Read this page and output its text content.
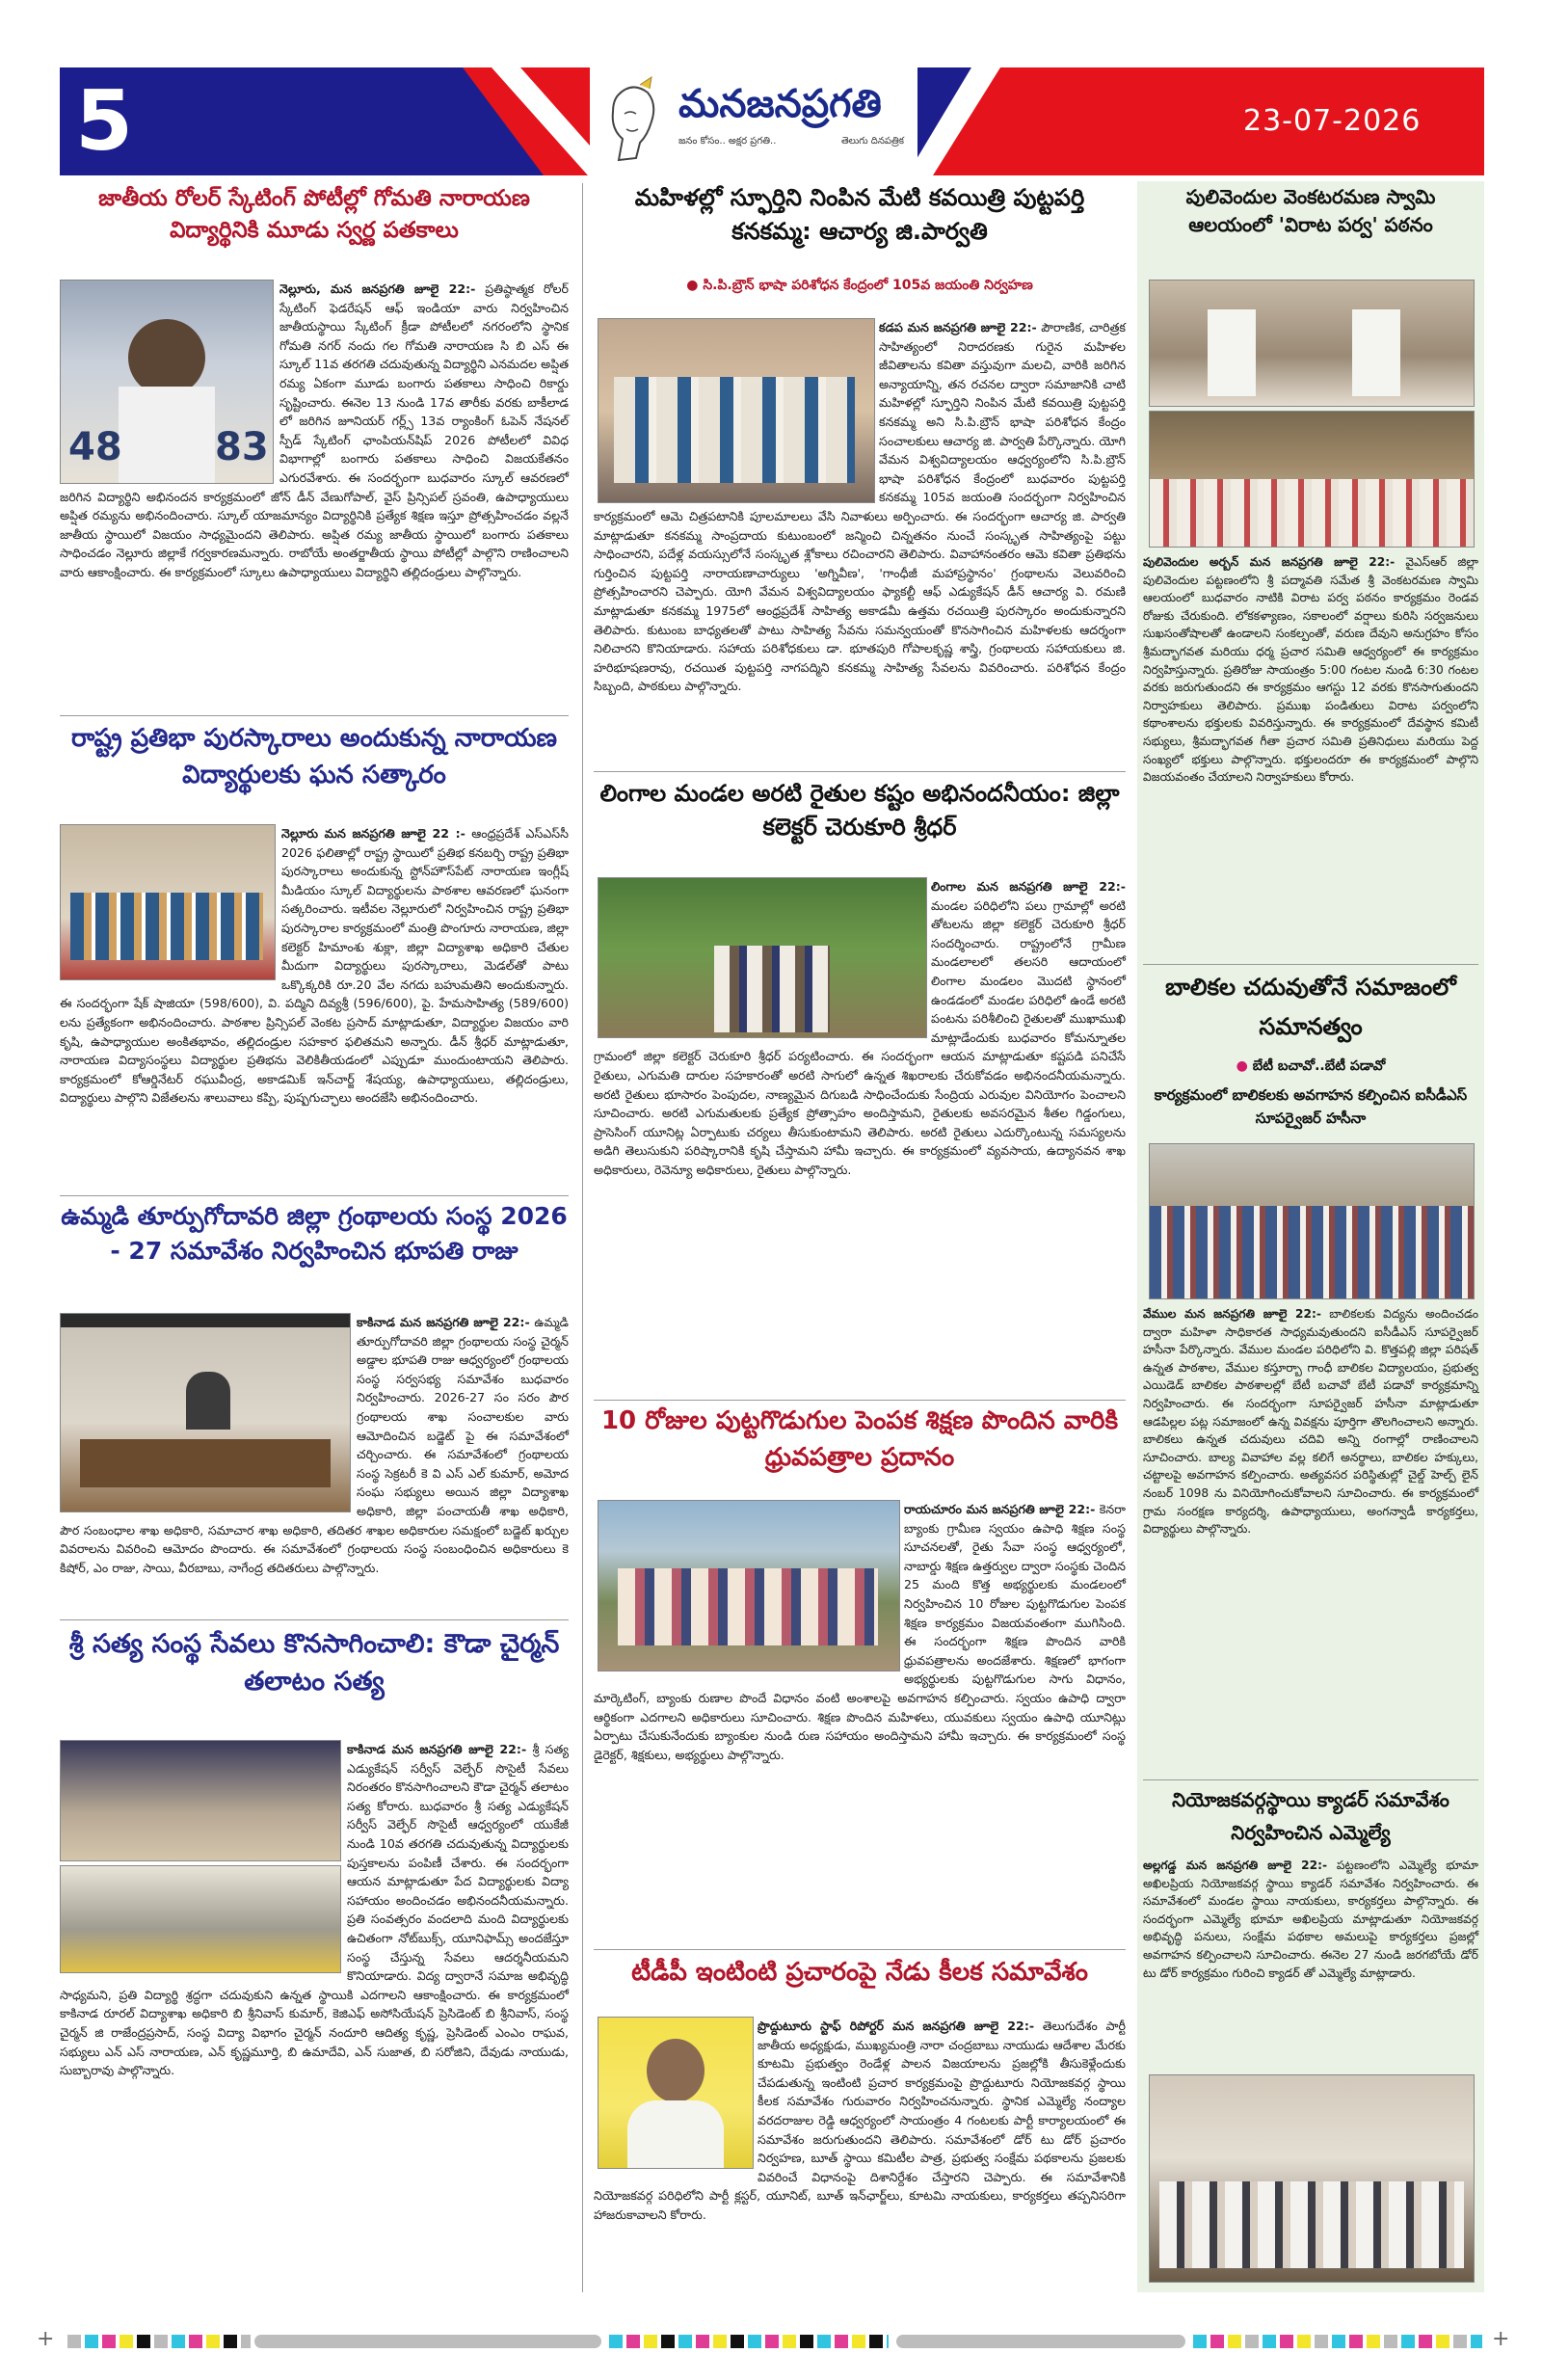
5	మనజనప్రగతి
జనం కోసం.. అక్షర ప్రగతి..	తెలుగు దినపత్రిక
23-07-2026
జాతీయ రోలర్ స్కేటింగ్ పోటీల్లో గోమతి నారాయణ విద్యార్థినికి మూడు స్వర్ణ పతకాలు
48 83
నెల్లూరు, మన జనప్రగతి జూలై 22:- ప్రతిష్ఠాత్మక రోలర్ స్కేటింగ్ ఫెడరేషన్ ఆఫ్ ఇండియా వారు నిర్వహించిన జాతీయస్థాయి స్కేటింగ్ క్రీడా పోటీలలో నగరంలోని స్థానిక గోమతి నగర్ నందు గల గోమతి నారాయణ సి బి ఎస్ ఈ స్కూల్ 11వ తరగతి చదువుతున్న విద్యార్థిని ఎనమదల అప్షిత రమ్య ఏకంగా మూడు బంగారు పతకాలు సాధించి రికార్డు సృష్టించారు. ఈనెల 13 నుండి 17వ తారీకు వరకు బాకీలాడ లో జరిగిన జూనియర్ గర్ల్స్ 13వ ర్యాంకింగ్ ఓపెన్ నేషనల్ స్పీడ్ స్కేటింగ్ ఛాంపియన్‌షిప్ 2026 పోటీలలో వివిధ విభాగాల్లో బంగారు పతకాలు సాధించి విజయకేతనం ఎగురవేశారు. ఈ సందర్భంగా బుధవారం స్కూల్ ఆవరణలో జరిగిన విద్యార్థిని అభినందన కార్యక్రమంలో జోన్ డీన్ వేణుగోపాల్, వైస్ ప్రిన్సిపల్ స్రవంతి, ఉపాధ్యాయులు అప్షిత రమ్యను అభినందించారు. స్కూల్ యాజమాన్యం విద్యార్థినికి ప్రత్యేక శిక్షణ ఇస్తూ ప్రోత్సహించడం వల్లనే జాతీయ స్థాయిలో విజయం సాధ్యమైందని తెలిపారు. అప్షిత రమ్య జాతీయ స్థాయిలో బంగారు పతకాలు సాధించడం నెల్లూరు జిల్లాకే గర్వకారణమన్నారు. రాబోయే అంతర్జాతీయ స్థాయి పోటీల్లో పాల్గొని రాణించాలని వారు ఆకాంక్షించారు. ఈ కార్యక్రమంలో స్కూలు ఉపాధ్యాయులు విద్యార్థిని తల్లిదండ్రులు పాల్గొన్నారు.
రాష్ట్ర ప్రతిభా పురస్కారాలు అందుకున్న నారాయణ విద్యార్థులకు ఘన సత్కారం
నెల్లూరు మన జనప్రగతి జూలై 22 :- ఆంధ్రప్రదేశ్ ఎస్ఎస్‌సీ 2026 ఫలితాల్లో రాష్ట్ర స్థాయిలో ప్రతిభ కనబర్చి రాష్ట్ర ప్రతిభా పురస్కారాలు అందుకున్న స్టోన్‌హౌస్‌పేట్ నారాయణ ఇంగ్లీష్ మీడియం స్కూల్ విద్యార్థులను పాఠశాల ఆవరణలో ఘనంగా సత్కరించారు. ఇటీవల నెల్లూరులో నిర్వహించిన రాష్ట్ర ప్రతిభా పురస్కారాల కార్యక్రమంలో మంత్రి పొంగూరు నారాయణ, జిల్లా కలెక్టర్ హిమాంశు శుక్లా, జిల్లా విద్యాశాఖ అధికారి చేతుల మీదుగా విద్యార్థులు పురస్కారాలు, మెడల్‌తో పాటు ఒక్కొక్కరికి రూ.20 వేల నగదు బహుమతిని అందుకున్నారు. ఈ సందర్భంగా షేక్ షాజియా (598/600), వి. పద్మిని దివ్యశ్రీ (596/600), పై. హేమసాహిత్య (589/600) లను ప్రత్యేకంగా అభినందించారు. పాఠశాల ప్రిన్సిపల్ వెంకట ప్రసాద్ మాట్లాడుతూ, విద్యార్థుల విజయం వారి కృషి, ఉపాధ్యాయుల అంకితభావం, తల్లిదండ్రుల సహకార ఫలితమని అన్నారు. డీన్ శ్రీధర్ మాట్లాడుతూ, నారాయణ విద్యాసంస్థలు విద్యార్థుల ప్రతిభను వెలికితీయడంలో ఎప్పుడూ ముందుంటాయని తెలిపారు. కార్యక్రమంలో కోఆర్డినేటర్ రఘువీంద్ర, అకాడమిక్ ఇన్‌చార్జ్ శేషయ్య, ఉపాధ్యాయులు, తల్లిదండ్రులు, విద్యార్థులు పాల్గొని విజేతలను శాలువాలు కప్పి, పుష్పగుచ్ఛాలు అందజేసి అభినందించారు.
ఉమ్మడి తూర్పుగోదావరి జిల్లా గ్రంథాలయ సంస్థ 2026 - 27 సమావేశం నిర్వహించిన భూపతి రాజు
కాకినాడ మన జనప్రగతి జూలై 22:- ఉమ్మడి తూర్పుగోదావరి జిల్లా గ్రంథాలయ సంస్థ చైర్మన్ అడ్డాల భూపతి రాజు ఆధ్వర్యంలో గ్రంథాలయ సంస్థ సర్వసభ్య సమావేశం బుధవారం నిర్వహించారు. 2026-27 సం సరం పౌర గ్రంథాలయ శాఖ సంచాలకుల వారు ఆమోదించిన బడ్జెట్ పై ఈ సమావేశంలో చర్చించారు. ఈ సమావేశంలో గ్రంథాలయ సంస్థ సెక్రటరీ కె వి ఎస్ ఎల్ కుమార్, అమోద సంఘ సభ్యులు అయిన జిల్లా విద్యాశాఖ అధికారి, జిల్లా పంచాయతీ శాఖ అధికారి, పౌర సంబంధాల శాఖ అధికారి, సమాచార శాఖ అధికారి, తదితర శాఖల అధికారుల సమక్షంలో బడ్జెట్ ఖర్చుల వివరాలను వివరించి ఆమోదం పొందారు. ఈ సమావేశంలో గ్రంథాలయ సంస్థ సంబంధించిన అధికారులు కె కిషోర్, ఎం రాజు, సాయి, వీరబాబు, నాగేంద్ర తదితరులు పాల్గొన్నారు.
శ్రీ సత్య సంస్థ సేవలు కొనసాగించాలి: కౌడా చైర్మన్ తలాటం సత్య
కాకినాడ మన జనప్రగతి జూలై 22:- శ్రీ సత్య ఎడ్యుకేషన్ సర్వీస్ వెల్ఫేర్ సొసైటీ సేవలు నిరంతరం కొనసాగించాలని కౌడా చైర్మన్ తలాటం సత్య కోరారు. బుధవారం శ్రీ సత్య ఎడ్యుకేషన్ సర్వీస్ వెల్ఫేర్ సొసైటీ ఆధ్వర్యంలో యుకేజీ నుండి 10వ తరగతి చదువుతున్న విద్యార్థులకు పుస్తకాలను పంపిణీ చేశారు. ఈ సందర్భంగా ఆయన మాట్లాడుతూ పేద విద్యార్థులకు విద్యా సహాయం అందించడం అభినందనీయమన్నారు. ప్రతి సంవత్సరం వందలాది మంది విద్యార్థులకు ఉచితంగా నోట్‌బుక్స్, యూనిఫామ్స్ అందజేస్తూ సంస్థ చేస్తున్న సేవలు ఆదర్శనీయమని కొనియాడారు. విద్య ద్వారానే సమాజ అభివృద్ధి సాధ్యమని, ప్రతి విద్యార్థి శ్రద్ధగా చదువుకుని ఉన్నత స్థాయికి ఎదగాలని ఆకాంక్షించారు. ఈ కార్యక్రమంలో కాకినాడ రూరల్ విద్యాశాఖ అధికారి బి శ్రీనివాస్ కుమార్, కెజిఎఫ్ అసోసియేషన్ ప్రెసిడెంట్ బి శ్రీనివాస్, సంస్థ చైర్మన్ జి రాజేంద్రప్రసాద్, సంస్థ విద్యా విభాగం చైర్మన్ నందూరి ఆదిత్య కృష్ణ, ప్రెసిడెంట్ ఎంఎం రాఘవ, సభ్యులు ఎన్ ఎస్ నారాయణ, ఎన్ కృష్ణమూర్తి, బి ఉమాదేవి, ఎన్ సుజాత, బి సరోజిని, దేవుడు నాయుడు, సుబ్బారావు పాల్గొన్నారు.
మహిళల్లో స్ఫూర్తిని నింపిన మేటి కవయిత్రి పుట్టపర్తి కనకమ్మ: ఆచార్య జి.పార్వతి
● సి.పి.బ్రౌన్ భాషా పరిశోధన కేంద్రంలో 105వ జయంతి నిర్వహణ
కడప మన జనప్రగతి జూలై 22:- పౌరాణిక, చారిత్రక సాహిత్యంలో నిరాదరణకు గురైన మహిళల జీవితాలను కవితా వస్తువుగా మలచి, వారికి జరిగిన అన్యాయాన్ని, తన రచనల ద్వారా సమాజానికి చాటి మహిళల్లో స్ఫూర్తిని నింపిన మేటి కవయిత్రి పుట్టపర్తి కనకమ్మ అని సి.పి.బ్రౌన్ భాషా పరిశోధన కేంద్రం సంచాలకులు ఆచార్య జి. పార్వతి పేర్కొన్నారు. యోగి వేమన విశ్వవిద్యాలయం ఆధ్వర్యంలోని సి.పి.బ్రౌన్ భాషా పరిశోధన కేంద్రంలో బుధవారం పుట్టపర్తి కనకమ్మ 105వ జయంతి సందర్భంగా నిర్వహించిన కార్యక్రమంలో ఆమె చిత్రపటానికి పూలమాలలు వేసి నివాళులు అర్పించారు. ఈ సందర్భంగా ఆచార్య జి. పార్వతి మాట్లాడుతూ కనకమ్మ సాంప్రదాయ కుటుంబంలో జన్మించి చిన్నతనం నుంచే సంస్కృత సాహిత్యంపై పట్టు సాధించారని, పదేళ్ల వయస్సులోనే సంస్కృత శ్లోకాలు రచించారని తెలిపారు. వివాహానంతరం ఆమె కవితా ప్రతిభను గుర్తించిన పుట్టపర్తి నారాయణాచార్యులు 'అగ్నివీణ', 'గాంధీజీ మహాప్రస్థానం' గ్రంథాలను వెలువరించి ప్రోత్సహించారని చెప్పారు. యోగి వేమన విశ్వవిద్యాలయం ఫ్యాకల్టీ ఆఫ్ ఎడ్యుకేషన్ డీన్ ఆచార్య వి. రమణి మాట్లాడుతూ కనకమ్మ 1975లో ఆంధ్రప్రదేశ్ సాహిత్య అకాడమీ ఉత్తమ రచయిత్రి పురస్కారం అందుకున్నారని తెలిపారు. కుటుంబ బాధ్యతలతో పాటు సాహిత్య సేవను సమన్వయంతో కొనసాగించిన మహిళలకు ఆదర్శంగా నిలిచారని కొనియాడారు. సహాయ పరిశోధకులు డా. భూతపురి గోపాలకృష్ణ శాస్త్రి, గ్రంథాలయ సహాయకులు జి. హరిభూషణరావు, రచయిత పుట్టపర్తి నాగపద్మిని కనకమ్మ సాహిత్య సేవలను వివరించారు. పరిశోధన కేంద్రం సిబ్బంది, పాఠకులు పాల్గొన్నారు.
లింగాల మండల అరటి రైతుల కష్టం అభినందనీయం: జిల్లా కలెక్టర్ చెరుకూరి శ్రీధర్
లింగాల మన జనప్రగతి జూలై 22:- మండల పరిధిలోని పలు గ్రామాల్లో అరటి తోటలను జిల్లా కలెక్టర్ చెరుకూరి శ్రీధర్ సందర్శించారు. రాష్ట్రంలోనే గ్రామీణ మండలాలలో తలసరి ఆదాయంలో లింగాల మండలం మొదటి స్థానంలో ఉండడంలో మండల పరిధిలో ఉండే అరటి పంటను పరిశీలించి రైతులతో ముఖాముఖి మాట్లాడేందుకు బుధవారం కోమన్నూతల గ్రామంలో జిల్లా కలెక్టర్ చెరుకూరి శ్రీధర్ పర్యటించారు. ఈ సందర్భంగా ఆయన మాట్లాడుతూ కష్టపడి పనిచేసే రైతులు, ఎగుమతి దారుల సహకారంతో అరటి సాగులో ఉన్నత శిఖరాలకు చేరుకోవడం అభినందనీయమన్నారు. అరటి రైతులు భూసారం పెంపుదల, నాణ్యమైన దిగుబడి సాధించేందుకు సేంద్రియ ఎరువుల వినియోగం పెంచాలని సూచించారు. అరటి ఎగుమతులకు ప్రత్యేక ప్రోత్సాహం అందిస్తామని, రైతులకు అవసరమైన శీతల గిడ్డంగులు, ప్రాసెసింగ్ యూనిట్ల ఏర్పాటుకు చర్యలు తీసుకుంటామని తెలిపారు. అరటి రైతులు ఎదుర్కొంటున్న సమస్యలను అడిగి తెలుసుకుని పరిష్కారానికి కృషి చేస్తామని హామీ ఇచ్చారు. ఈ కార్యక్రమంలో వ్యవసాయ, ఉద్యానవన శాఖ అధికారులు, రెవెన్యూ అధికారులు, రైతులు పాల్గొన్నారు.
10 రోజుల పుట్టగొడుగుల పెంపక శిక్షణ పొందిన వారికి ధ్రువపత్రాల ప్రదానం
రాయచూరం మన జనప్రగతి జూలై 22:- కెనరా బ్యాంకు గ్రామీణ స్వయం ఉపాధి శిక్షణ సంస్థ సూచనలతో, రైతు సేవా సంస్థ ఆధ్వర్యంలో, నాబార్డు శిక్షణ ఉత్తర్వుల ద్వారా సంస్థకు చెందిన 25 మంది కొత్త అభ్యర్థులకు మండలంలో నిర్వహించిన 10 రోజుల పుట్టగొడుగుల పెంపక శిక్షణ కార్యక్రమం విజయవంతంగా ముగిసింది. ఈ సందర్భంగా శిక్షణ పొందిన వారికి ధ్రువపత్రాలను అందజేశారు. శిక్షణలో భాగంగా అభ్యర్థులకు పుట్టగొడుగుల సాగు విధానం, మార్కెటింగ్, బ్యాంకు రుణాల పొందే విధానం వంటి అంశాలపై అవగాహన కల్పించారు. స్వయం ఉపాధి ద్వారా ఆర్థికంగా ఎదగాలని అధికారులు సూచించారు. శిక్షణ పొందిన మహిళలు, యువకులు స్వయం ఉపాధి యూనిట్లు ఏర్పాటు చేసుకునేందుకు బ్యాంకుల నుండి రుణ సహాయం అందిస్తామని హామీ ఇచ్చారు. ఈ కార్యక్రమంలో సంస్థ డైరెక్టర్, శిక్షకులు, అభ్యర్థులు పాల్గొన్నారు.
టీడీపీ ఇంటింటి ప్రచారంపై నేడు కీలక సమావేశం
ప్రొద్దుటూరు స్టాఫ్ రిపోర్టర్ మన జనప్రగతి జూలై 22:- తెలుగుదేశం పార్టీ జాతీయ అధ్యక్షుడు, ముఖ్యమంత్రి నారా చంద్రబాబు నాయుడు ఆదేశాల మేరకు కూటమి ప్రభుత్వం రెండేళ్ల పాలన విజయాలను ప్రజల్లోకి తీసుకెళ్లేందుకు చేపడుతున్న ఇంటింటి ప్రచార కార్యక్రమంపై ప్రొద్దుటూరు నియోజకవర్గ స్థాయి కీలక సమావేశం గురువారం నిర్వహించనున్నారు. స్థానిక ఎమ్మెల్యే నంద్యాల వరదరాజుల రెడ్డి ఆధ్వర్యంలో సాయంత్రం 4 గంటలకు పార్టీ కార్యాలయంలో ఈ సమావేశం జరుగుతుందని తెలిపారు. సమావేశంలో డోర్ టు డోర్ ప్రచారం నిర్వహణ, బూత్ స్థాయి కమిటీల పాత్ర, ప్రభుత్వ సంక్షేమ పథకాలను ప్రజలకు వివరించే విధానంపై దిశానిర్దేశం చేస్తారని చెప్పారు. ఈ సమావేశానికి నియోజకవర్గ పరిధిలోని పార్టీ క్లస్టర్, యూనిట్, బూత్ ఇన్‌ఛార్జ్‌లు, కూటమి నాయకులు, కార్యకర్తలు తప్పనిసరిగా హాజరుకావాలని కోరారు.
పులివెందుల వెంకటరమణ స్వామి ఆలయంలో 'విరాట పర్వ' పఠనం
పులివెందుల అర్బన్ మన జనప్రగతి జూలై 22:- వైఎస్ఆర్ జిల్లా పులివెందుల పట్టణంలోని శ్రీ పద్మావతి సమేత శ్రీ వెంకటరమణ స్వామి ఆలయంలో బుధవారం నాటికి విరాట పర్వ పఠనం కార్యక్రమం రెండవ రోజుకు చేరుకుంది. లోకకళ్యాణం, సకాలంలో వర్షాలు కురిసి సర్వజనులు సుఖసంతోషాలతో ఉండాలని సంకల్పంతో, వరుణ దేవుని అనుగ్రహం కోసం శ్రీమద్భాగవత మరియు ధర్మ ప్రచార సమితి ఆధ్వర్యంలో ఈ కార్యక్రమం నిర్వహిస్తున్నారు. ప్రతిరోజు సాయంత్రం 5:00 గంటల నుండి 6:30 గంటల వరకు జరుగుతుందని ఈ కార్యక్రమం ఆగస్టు 12 వరకు కొనసాగుతుందని నిర్వాహకులు తెలిపారు. ప్రముఖ పండితులు విరాట పర్వంలోని కథాంశాలను భక్తులకు వివరిస్తున్నారు. ఈ కార్యక్రమంలో దేవస్థాన కమిటీ సభ్యులు, శ్రీమద్భాగవత గీతా ప్రచార సమితి ప్రతినిధులు మరియు పెద్ద సంఖ్యలో భక్తులు పాల్గొన్నారు. భక్తులందరూ ఈ కార్యక్రమంలో పాల్గొని విజయవంతం చేయాలని నిర్వాహకులు కోరారు.
బాలికల చదువుతోనే సమాజంలో సమానత్వం
● బేటీ బచావో..బేటీ పడావో
కార్యక్రమంలో బాలికలకు అవగాహన కల్పించిన ఐసీడీఎస్ సూపర్వైజర్ హసీనా
వేముల మన జనప్రగతి జూలై 22:- బాలికలకు విద్యను అందించడం ద్వారా మహిళా సాధికారత సాధ్యమవుతుందని ఐసీడీఎస్ సూపర్వైజర్ హసీనా పేర్కొన్నారు. వేముల మండల పరిధిలోని వి. కొత్తపల్లి జిల్లా పరిషత్ ఉన్నత పాఠశాల, వేముల కస్తూర్బా గాంధీ బాలికల విద్యాలయం, ప్రభుత్వ ఎయిడెడ్ బాలికల పాఠశాలల్లో బేటీ బచావో బేటీ పడావో కార్యక్రమాన్ని నిర్వహించారు. ఈ సందర్భంగా సూపర్వైజర్ హసీనా మాట్లాడుతూ ఆడపిల్లల పట్ల సమాజంలో ఉన్న వివక్షను పూర్తిగా తొలగించాలని అన్నారు. బాలికలు ఉన్నత చదువులు చదివి అన్ని రంగాల్లో రాణించాలని సూచించారు. బాల్య వివాహాల వల్ల కలిగే అనర్థాలు, బాలికల హక్కులు, చట్టాలపై అవగాహన కల్పించారు. అత్యవసర పరిస్థితుల్లో చైల్డ్ హెల్ప్ లైన్ నంబర్ 1098 ను వినియోగించుకోవాలని సూచించారు. ఈ కార్యక్రమంలో గ్రామ సంరక్షణ కార్యదర్శి, ఉపాధ్యాయులు, అంగన్వాడీ కార్యకర్తలు, విద్యార్థులు పాల్గొన్నారు.
నియోజకవర్గస్థాయి క్యాడర్ సమావేశం నిర్వహించిన ఎమ్మెల్యే
అల్లగడ్డ మన జనప్రగతి జూలై 22:- పట్టణంలోని ఎమ్మెల్యే భూమా అఖిలప్రియ నియోజకవర్గ స్థాయి క్యాడర్ సమావేశం నిర్వహించారు. ఈ సమావేశంలో మండల స్థాయి నాయకులు, కార్యకర్తలు పాల్గొన్నారు. ఈ సందర్భంగా ఎమ్మెల్యే భూమా అఖిలప్రియ మాట్లాడుతూ నియోజకవర్గ అభివృద్ధి పనులు, సంక్షేమ పథకాల అమలుపై కార్యకర్తలు ప్రజల్లో అవగాహన కల్పించాలని సూచించారు. ఈనెల 27 నుండి జరగబోయే డోర్ టు డోర్ కార్యక్రమం గురించి క్యాడర్ తో ఎమ్మెల్యే మాట్లాడారు.
+	+
